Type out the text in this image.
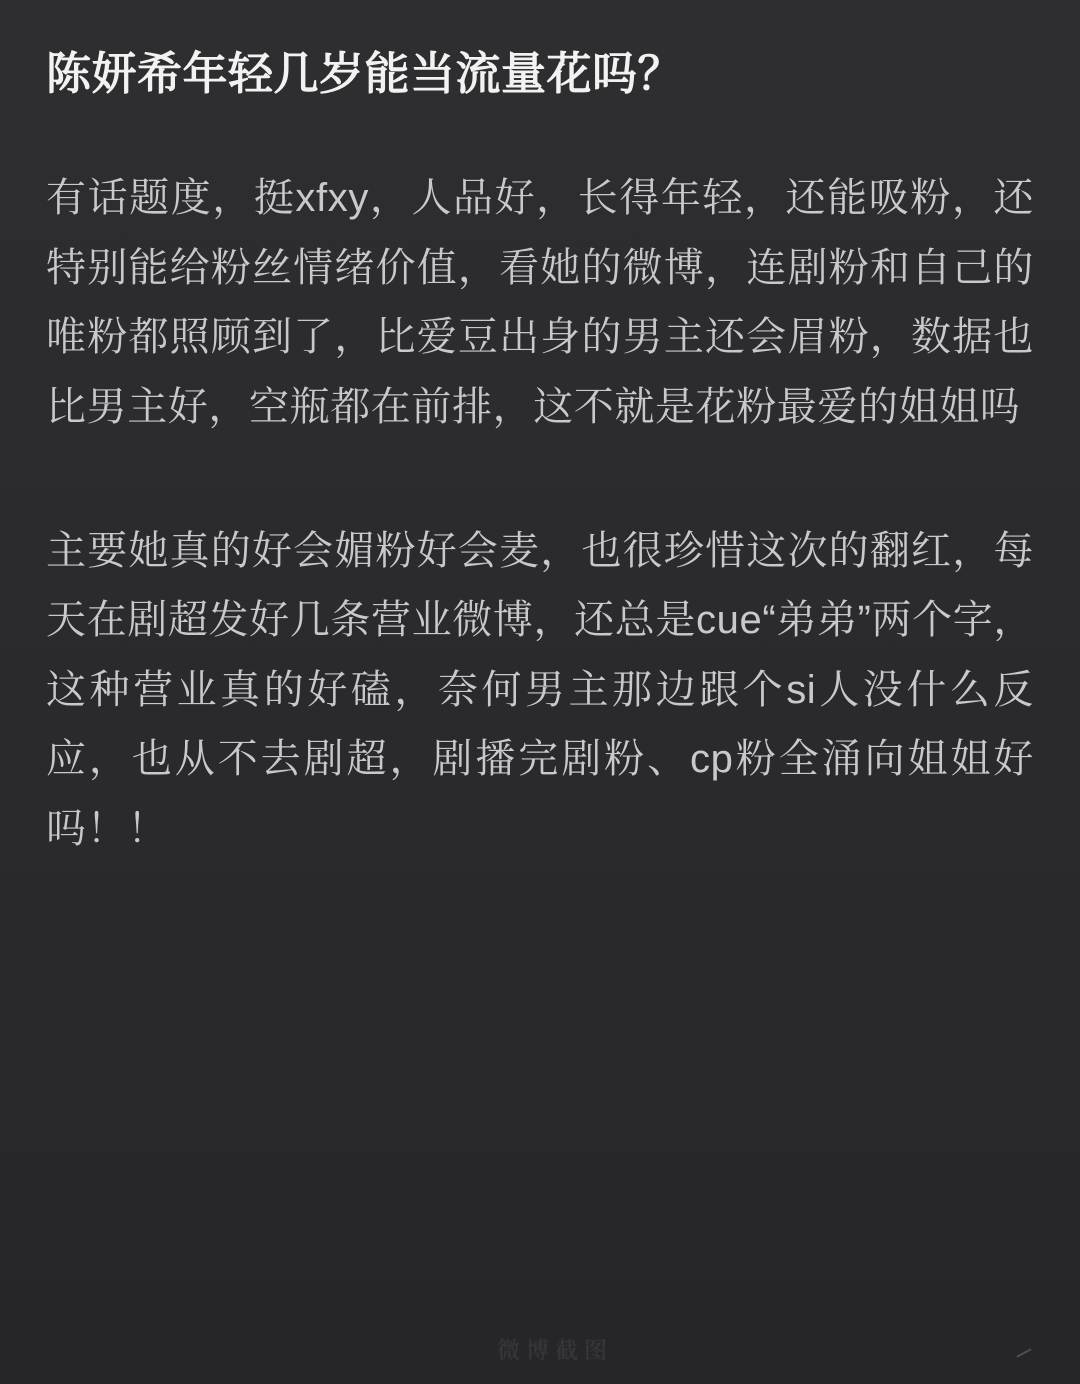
陈妍希年轻几岁能当流量花吗？

有话题度，挺xfxy，人品好，长得年轻，还能吸粉，还特别能给粉丝情绪价值，看她的微博，连剧粉和自己的唯粉都照顾到了，比爱豆出身的男主还会眉粉，数据也比男主好，空瓶都在前排，这不就是花粉最爱的姐姐吗

主要她真的好会媚粉好会麦，也很珍惜这次的翻红，每天在剧超发好几条营业微博，还总是cue“弟弟”两个字，这种营业真的好磕，奈何男主那边跟个si人没什么反应，也从不去剧超，剧播完剧粉、cp粉全涌向姐姐好吗！！

微博截图
